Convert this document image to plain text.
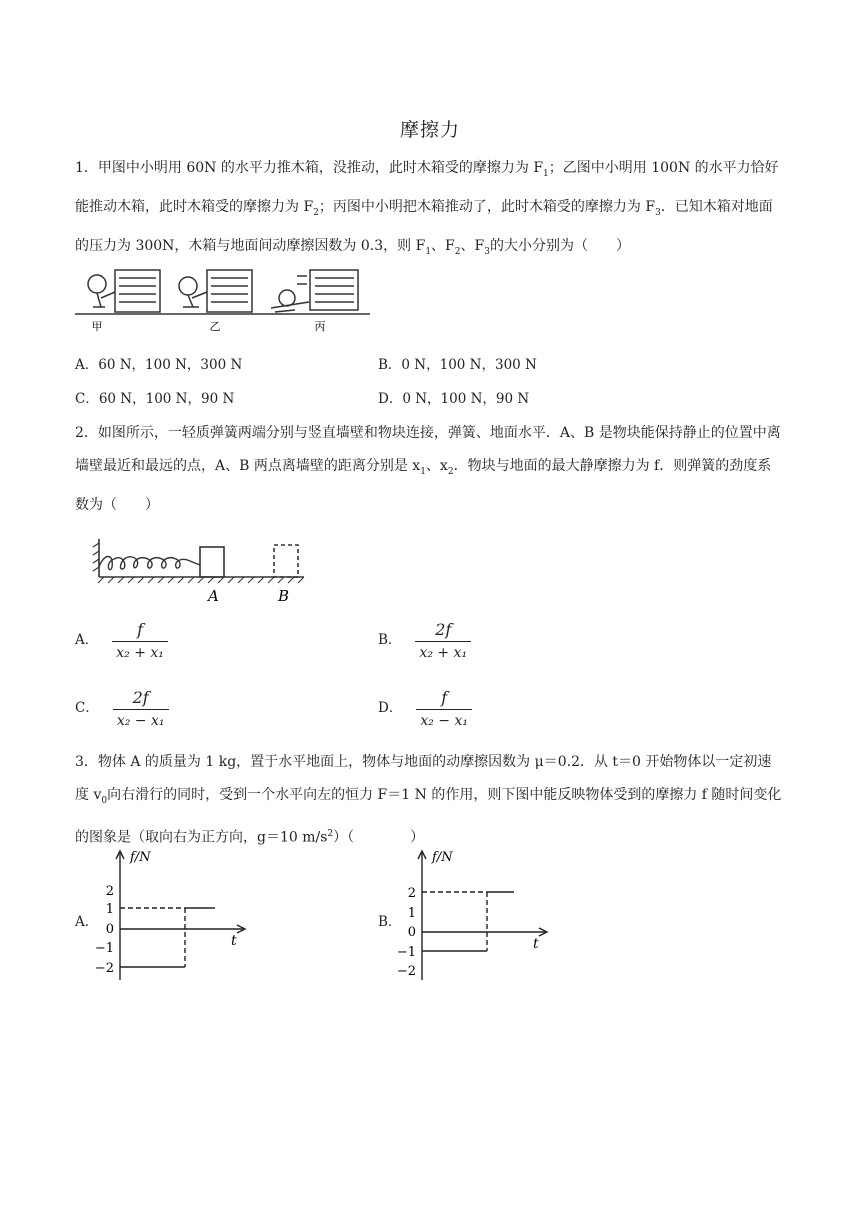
摩擦力
1．甲图中小明用 60N 的水平力推木箱，没推动，此时木箱受的摩擦力为 $F_1$；乙图中小明用 100N 的水平力恰好能推动木箱，此时木箱受的摩擦力为 $F_2$；丙图中小明把木箱推动了，此时木箱受的摩擦力为 $F_3$．已知木箱对地面的压力为 300N，木箱与地面间动摩擦因数为 0.3，则 $F_1$、$F_2$、$F_3$的大小分别为（　　）
甲	乙	丙
A．60 N，100 N，300 N	B．0 N，100 N，300 N
C．60 N，100 N，90 N	D．0 N，100 N，90 N
2．如图所示，一轻质弹簧两端分别与竖直墙壁和物块连接，弹簧、地面水平．A、B 是物块能保持静止的位置中离墙壁最近和最远的点，A、B 两点离墙壁的距离分别是 $x_1$、$x_2$．物块与地面的最大静摩擦力为 f．则弹簧的劲度系数为（　　）
A	B
A． $\frac{f}{\text{x₂ + x₁}}$	B． $\frac{2f}{\text{x₂ + x₁}}$
C． $\frac{2f}{\text{x₂ − x₁}}$	D． $\frac{f}{\text{x₂ − x₁}}$
3．物体 A 的质量为 1 kg，置于水平地面上，物体与地面的动摩擦因数为 μ＝0.2．从 t＝0 开始物体以一定初速度 $v_0$向右滑行的同时，受到一个水平向左的恒力 F＝1 N 的作用，则下图中能反映物体受到的摩擦力 f 随时间变化的图象是（取向右为正方向，g＝10 $m/s^2$）（　　　　）
A．
f/N
t
2
1
0
−1
−2
B．
f/N
t
2
1
0
−1
−2
